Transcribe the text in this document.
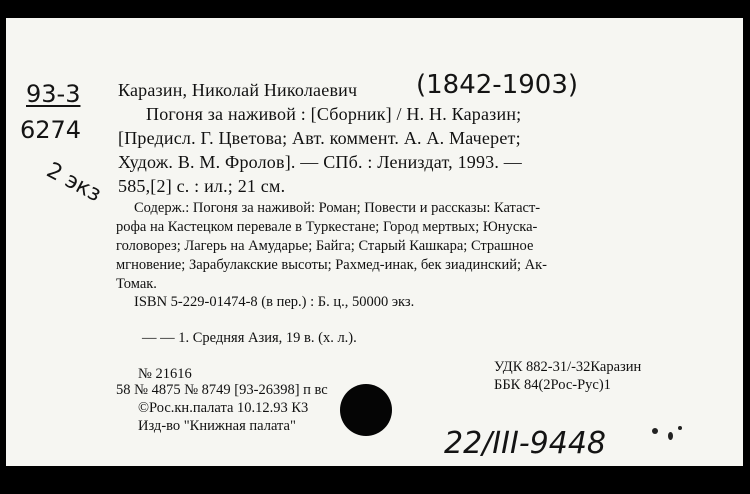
93-3
6274
2 экз
Каразин, Николай Николаевич (1842-1903)
Погоня за наживой : [Сборник] / Н. Н. Каразин;
[Предисл. Г. Цветова; Авт. коммент. А. А. Мачерет;
Худож. В. М. Фролов]. — СПб. : Лениздат, 1993. —
585,[2] с. : ил.; 21 см.
Содерж.: Погоня за наживой: Роман; Повести и рассказы: Катаст-
рофа на Кастецком перевале в Туркестане; Город мертвых; Юнуска-
головорез; Лагерь на Амударье; Байга; Старый Кашкара; Страшное
мгновение; Зарабулакские высоты; Рахмед-инак, бек зиадинский; Ак-
Томак.
ISBN 5-229-01474-8 (в пер.) : Б. ц., 50000 экз.
— — 1. Средняя Азия, 19 в. (х. л.).
№ 21616
58 № 4875 № 8749 [93-26398] п вс
©Рос.кн.палата 10.12.93 К3
Изд-во "Книжная палата"
УДК 882-31/-32Каразин
ББК 84(2Рос-Рус)1
22/III-9448
